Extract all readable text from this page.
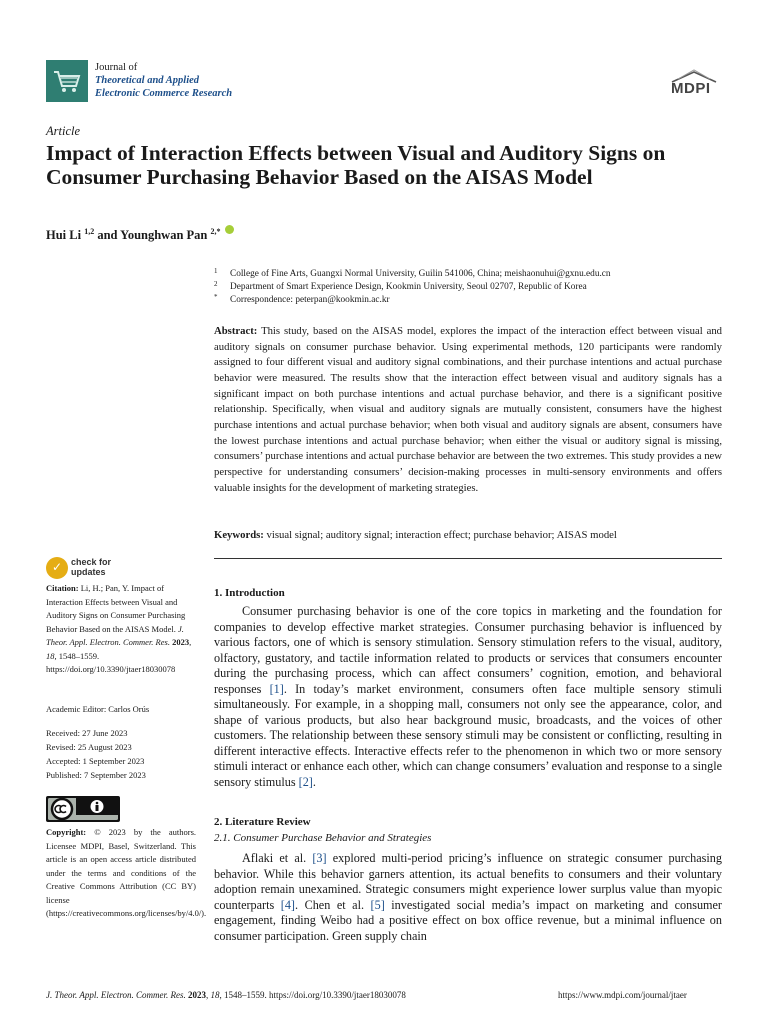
Journal of
Theoretical and Applied
Electronic Commerce Research	MDPI
Article
Impact of Interaction Effects between Visual and Auditory Signs on Consumer Purchasing Behavior Based on the AISAS Model
Hui Li $^{1,2}$ and Younghwan Pan $^{2,*}$
1 College of Fine Arts, Guangxi Normal University, Guilin 541006, China; meishaonuhui@gxnu.edu.cn
2 Department of Smart Experience Design, Kookmin University, Seoul 02707, Republic of Korea
* Correspondence: peterpan@kookmin.ac.kr

Abstract: This study, based on the AISAS model, explores the impact of the interaction effect between visual and auditory signals on consumer purchase behavior. Using experimental methods, 120 participants were randomly assigned to four different visual and auditory signal combinations, and their purchase intentions and actual purchase behavior were measured. The results show that the interaction effect between visual and auditory signals has a significant impact on both purchase intentions and actual purchase behavior, and there is a significant positive relationship. Specifically, when visual and auditory signals are mutually consistent, consumers have the highest purchase intentions and actual purchase behavior; when both visual and auditory signals are absent, consumers have the lowest purchase intentions and actual purchase behavior; when either the visual or auditory signal is missing, consumers’ purchase intentions and actual purchase behavior are between the two extremes. This study provides a new perspective for understanding consumers’ decision-making processes in multi-sensory environments and offers valuable insights for the development of marketing strategies.

Keywords: visual signal; auditory signal; interaction effect; purchase behavior; AISAS model

✓ check for
updates
Citation: Li, H.; Pan, Y. Impact of Interaction Effects between Visual and Auditory Signs on Consumer Purchasing Behavior Based on the AISAS Model. J. Theor. Appl. Electron. Commer. Res. 2023, 18, 1548–1559. https://doi.org/10.3390/jtaer18030078
Academic Editor: Carlos Orús
Received: 27 June 2023
Revised: 25 August 2023
Accepted: 1 September 2023
Published: 7 September 2023
Copyright: © 2023 by the authors. Licensee MDPI, Basel, Switzerland. This article is an open access article distributed under the terms and conditions of the Creative Commons Attribution (CC BY) license (https://creativecommons.org/licenses/by/4.0/).
1. Introduction

Consumer purchasing behavior is one of the core topics in marketing and the foundation for companies to develop effective market strategies. Consumer purchasing behavior is influenced by various factors, one of which is sensory stimulation. Sensory stimulation refers to the visual, auditory, olfactory, gustatory, and tactile information related to products or services that consumers encounter during the purchasing process, which can affect consumers’ cognition, emotion, and behavioral responses [1]. In today’s market environment, consumers often face multiple sensory stimuli simultaneously. For example, in a shopping mall, consumers not only see the appearance, color, and shape of various products, but also hear background music, broadcasts, and the voices of other customers. The relationship between these sensory stimuli may be consistent or conflicting, resulting in different interactive effects. Interactive effects refer to the phenomenon in which two or more sensory stimuli interact or enhance each other, which can change consumers’ evaluation and response to a single sensory stimulus [2].

2. Literature Review
2.1. Consumer Purchase Behavior and Strategies

Aflaki et al. [3] explored multi-period pricing’s influence on strategic consumer purchasing behavior. While this behavior garners attention, its actual benefits to consumers and their voluntary adoption remain unexamined. Strategic consumers might experience lower surplus value than myopic counterparts [4]. Chen et al. [5] investigated social media’s impact on marketing and consumer engagement, finding Weibo had a positive effect on box office revenue, but a minimal influence on consumer participation. Green supply chain

J. Theor. Appl. Electron. Commer. Res. 2023, 18, 1548–1559. https://doi.org/10.3390/jtaer18030078	https://www.mdpi.com/journal/jtaer
